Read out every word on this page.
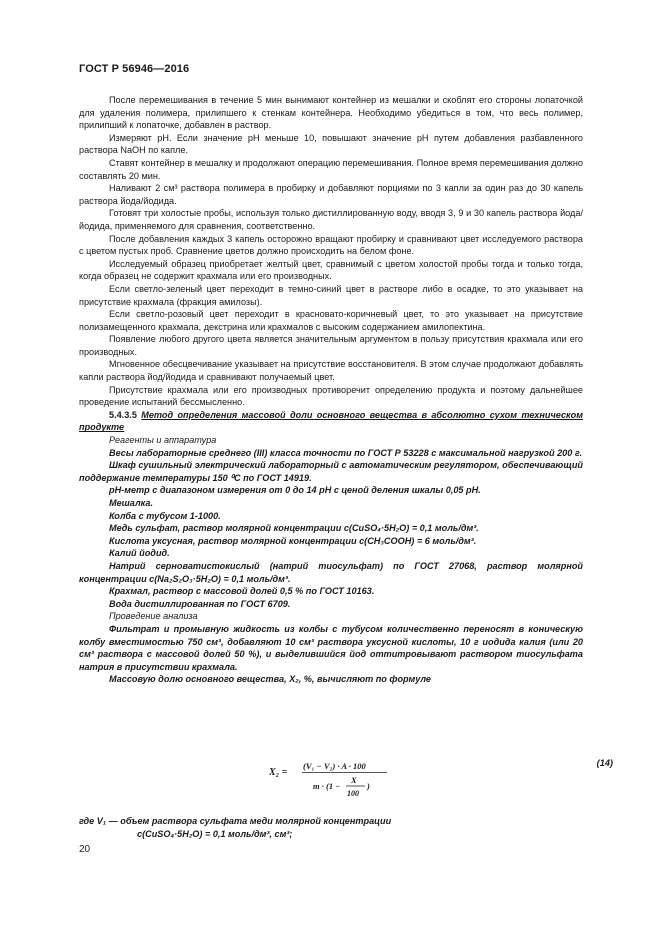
ГОСТ Р 56946—2016

После перемешивания в течение 5 мин вынимают контейнер из мешалки и скоблят его стороны лопаточкой для удаления полимера, прилипшего к стенкам контейнера. Необходимо убедиться в том, что весь полимер, прилипший к лопаточке, добавлен в раствор.

Измеряют рН. Если значение рН меньше 10, повышают значение рН путем добавления разбавленного раствора NaOH по капле.

Ставят контейнер в мешалку и продолжают операцию перемешивания. Полное время перемешивания должно составлять 20 мин.

Наливают 2 см³ раствора полимера в пробирку и добавляют порциями по 3 капли за один раз до 30 капель раствора йода/йодида.

Готовят три холостые пробы, используя только дистиллированную воду, вводя 3, 9 и 30 капель раствора йода/йодида, применяемого для сравнения, соответственно.

После добавления каждых 3 капель осторожно вращают пробирку и сравнивают цвет исследуемого раствора с цветом пустых проб. Сравнение цветов должно происходить на белом фоне.

Исследуемый образец приобретает желтый цвет, сравнимый с цветом холостой пробы тогда и только тогда, когда образец не содержит крахмала или его производных.

Если светло-зеленый цвет переходит в темно-синий цвет в растворе либо в осадке, то это указывает на присутствие крахмала (фракция амилозы).

Если светло-розовый цвет переходит в красновато-коричневый цвет, то это указывает на присутствие полизамещенного крахмала, декстрина или крахмалов с высоким содержанием амилопектина.

Появление любого другого цвета является значительным аргументом в пользу присутствия крахмала или его производных.

Мгновенное обесцвечивание указывает на присутствие восстановителя. В этом случае продолжают добавлять капли раствора йод/йодида и сравнивают получаемый цвет.

Присутствие крахмала или его производных противоречит определению продукта и поэтому дальнейшее проведение испытаний бессмысленно.

5.4.3.5 Метод определения массовой доли основного вещества в абсолютно сухом техническом продукте

Реагенты и аппаратура

Весы лабораторные среднего (III) класса точности по ГОСТ Р 53228 с максимальной нагрузкой 200 г.

Шкаф сушильный электрический лабораторный с автоматическим регулятором, обеспечивающий поддержание температуры 150 ⁰С по ГОСТ 14919.

рН-метр с диапазоном измерения от 0 до 14 рН с ценой деления шкалы 0,05 рН.

Мешалка.

Колба с тубусом 1-1000.

Медь сульфат, раствор молярной концентрации с(CuSO₄·5H₂O) = 0,1 моль/дм³.

Кислота уксусная, раствор молярной концентрации с(CH₃COOH) = 6 моль/дм³.

Калий йодид.

Натрий серноватистокислый (натрий тиосульфат) по ГОСТ 27068, раствор молярной концентрации с(Na₂S₂O₃·5H₂O) = 0,1 моль/дм³.

Крахмал, раствор с массовой долей 0,5 % по ГОСТ 10163.

Вода дистиллированная по ГОСТ 6709.

Проведение анализа

Фильтрат и промывную жидкость из колбы с тубусом количественно переносят в коническую колбу вместимостью 750 см³, добавляют 10 см³ раствора уксусной кислоты, 10 г иодида калия (или 20 см³ раствора с массовой долей 50 %), и выделившийся йод оттитровывают раствором тиосульфата натрия в присутствии крахмала.

Массовую долю основного вещества, X₂, %, вычисляют по формуле

X₂ =
(V₁ − V₂) · A · 100
m · (1 −
X
100
)
(14)
где V₁ — объем раствора сульфата меди молярной концентрации
с(CuSO₄·5H₂O) = 0,1 моль/дм³, см³;
20
